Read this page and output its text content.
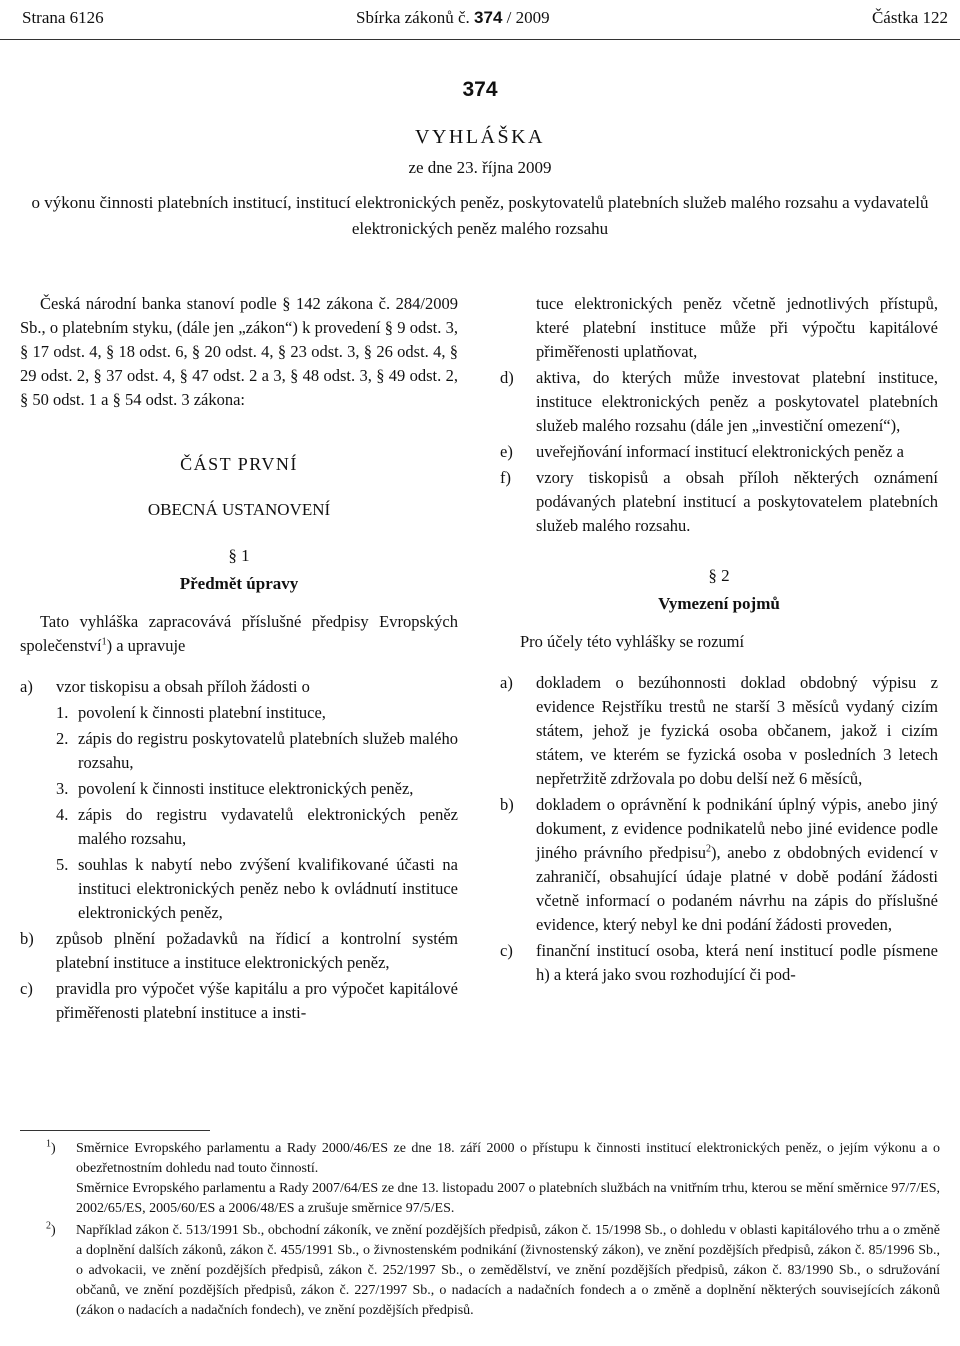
Strana 6126	Sbírka zákonů č. 374 / 2009	Částka 122
374
VYHLÁŠKA
ze dne 23. října 2009
o výkonu činnosti platebních institucí, institucí elektronických peněz, poskytovatelů platebních služeb malého rozsahu a vydavatelů elektronických peněz malého rozsahu

Česká národní banka stanoví podle § 142 zákona č. 284/2009 Sb., o platebním styku, (dále jen „zákon“) k provedení § 9 odst. 3, § 17 odst. 4, § 18 odst. 6, § 20 odst. 4, § 23 odst. 3, § 26 odst. 4, § 29 odst. 2, § 37 odst. 4, § 47 odst. 2 a 3, § 48 odst. 3, § 49 odst. 2, § 50 odst. 1 a § 54 odst. 3 zákona:

ČÁST PRVNÍ
OBECNÁ USTANOVENÍ
§ 1
Předmět úpravy

Tato vyhláška zapracovává příslušné předpisy Evropských společenství$^1$) a upravuje

a)	vzor tiskopisu a obsah příloh žádosti o
1. povolení k činnosti platební instituce,
2. zápis do registru poskytovatelů platebních služeb malého rozsahu,
3. povolení k činnosti instituce elektronických peněz,
4. zápis do registru vydavatelů elektronických peněz malého rozsahu,
5. souhlas k nabytí nebo zvýšení kvalifikované účasti na instituci elektronických peněz nebo k ovládnutí instituce elektronických peněz,
b)	způsob plnění požadavků na řídicí a kontrolní systém platební instituce a instituce elektronických peněz,
c)	pravidla pro výpočet výše kapitálu a pro výpočet kapitálové přiměřenosti platební instituce a insti-

tuce elektronických peněz včetně jednotlivých přístupů, které platební instituce může při výpočtu kapitálové přiměřenosti uplatňovat,

d)	aktiva, do kterých může investovat platební instituce, instituce elektronických peněz a poskytovatel platebních služeb malého rozsahu (dále jen „investiční omezení“),
e)	uveřejňování informací institucí elektronických peněz a
f)	vzory tiskopisů a obsah příloh některých oznámení podávaných platební institucí a poskytovatelem platebních služeb malého rozsahu.
§ 2
Vymezení pojmů

Pro účely této vyhlášky se rozumí

a)	dokladem o bezúhonnosti doklad obdobný výpisu z evidence Rejstříku trestů ne starší 3 měsíců vydaný cizím státem, jehož je fyzická osoba občanem, jakož i cizím státem, ve kterém se fyzická osoba v posledních 3 letech nepřetržitě zdržovala po dobu delší než 6 měsíců,
b)	dokladem o oprávnění k podnikání úplný výpis, anebo jiný dokument, z evidence podnikatelů nebo jiné evidence podle jiného právního předpisu$^2$), anebo z obdobných evidencí v zahraničí, obsahující údaje platné v době podání žádosti včetně informací o podaném návrhu na zápis do příslušné evidence, který nebyl ke dni podání žádosti proveden,
c)	finanční institucí osoba, která není institucí podle písmene h) a která jako svou rozhodující či pod-
$^1$)	Směrnice Evropského parlamentu a Rady 2000/46/ES ze dne 18. září 2000 o přístupu k činnosti institucí elektronických peněz, o jejím výkonu a o obezřetnostním dohledu nad touto činností.
Směrnice Evropského parlamentu a Rady 2007/64/ES ze dne 13. listopadu 2007 o platebních službách na vnitřním trhu, kterou se mění směrnice 97/7/ES, 2002/65/ES, 2005/60/ES a 2006/48/ES a zrušuje směrnice 97/5/ES.
$^2$)	Například zákon č. 513/1991 Sb., obchodní zákoník, ve znění pozdějších předpisů, zákon č. 15/1998 Sb., o dohledu v oblasti kapitálového trhu a o změně a doplnění dalších zákonů, zákon č. 455/1991 Sb., o živnostenském podnikání (živnostenský zákon), ve znění pozdějších předpisů, zákon č. 85/1996 Sb., o advokacii, ve znění pozdějších předpisů, zákon č. 252/1997 Sb., o zemědělství, ve znění pozdějších předpisů, zákon č. 83/1990 Sb., o sdružování občanů, ve znění pozdějších předpisů, zákon č. 227/1997 Sb., o nadacích a nadačních fondech a o změně a doplnění některých souvisejících zákonů (zákon o nadacích a nadačních fondech), ve znění pozdějších předpisů.
